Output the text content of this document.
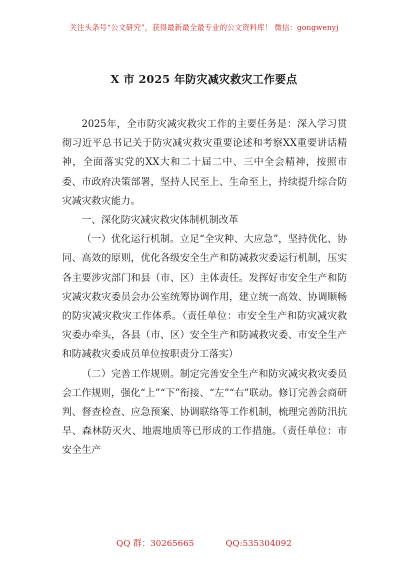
关注头条号“公文研究”，获得最新最全最专业的公文资料库！ 微信：gongwenyj
X 市 2025 年防灾减灾救灾工作要点

2025年，全市防灾减灾救灾工作的主要任务是：深入学习贯彻习近平总书记关于防灾减灾救灾重要论述和考察XX重要讲话精神，全面落实党的XX大和二十届二中、三中全会精神，按照市委、市政府决策部署，坚持人民至上、生命至上，持续提升综合防灾减灾救灾能力。

一、深化防灾减灾救灾体制机制改革

（一）优化运行机制。立足“全灾种、大应急”，坚持优化、协同、高效的原则，优化各级安全生产和防减救灾委运行机制，压实各主要涉灾部门和县（市、区）主体责任。发挥好市安全生产和防灾减灾救灾委员会办公室统筹协调作用，建立统一高效、协调顺畅的防灾减灾救灾工作体系。（责任单位：市安全生产和防灾减灾救灾委办牵头，各县（市、区）安全生产和防减救灾委、市安全生产和防减救灾委成员单位按职责分工落实）

（二）完善工作规则。制定完善安全生产和防灾减灾救灾委员会工作规则，强化“上”“下”衔接、“左”“右”联动。修订完善会商研判、督查检查、应急预案、协调联络等工作机制，梳理完善防汛抗旱、森林防灭火、地震地质等已形成的工作措施。（责任单位：市安全生产

QQ 群：30265665	QQ:535304092
